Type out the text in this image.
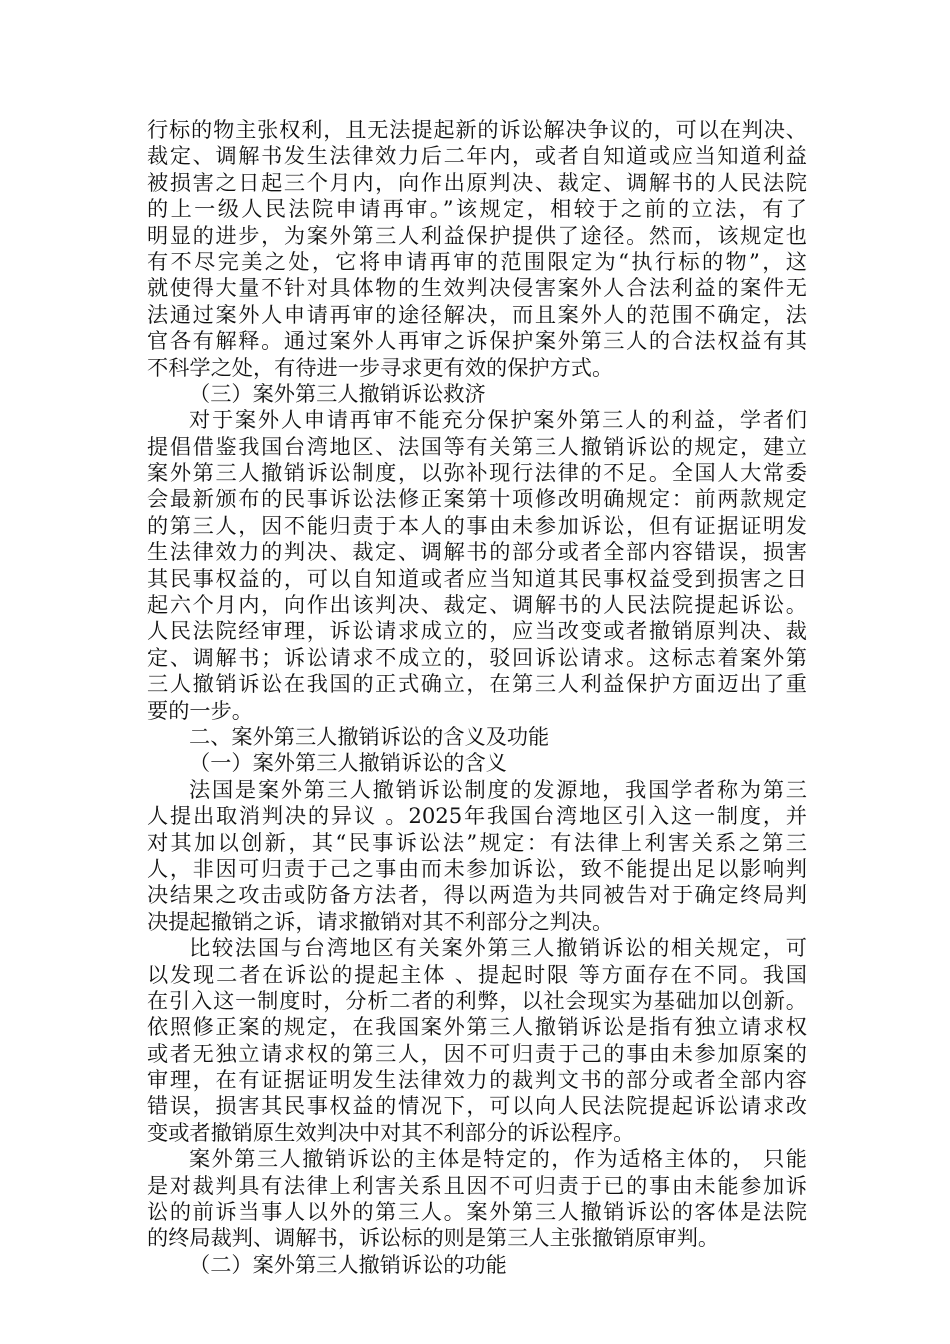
行标的物主张权利，且无法提起新的诉讼解决争议的，可以在判决、
裁定、调解书发生法律效力后二年内，或者自知道或应当知道利益
被损害之日起三个月内，向作出原判决、裁定、调解书的人民法院
的上一级人民法院申请再审。”该规定，相较于之前的立法，有了
明显的进步，为案外第三人利益保护提供了途径。然而，该规定也
有不尽完美之处，它将申请再审的范围限定为“执行标的物”，这
就使得大量不针对具体物的生效判决侵害案外人合法利益的案件无
法通过案外人申请再审的途径解决，而且案外人的范围不确定，法
官各有解释。通过案外人再审之诉保护案外第三人的合法权益有其
不科学之处，有待进一步寻求更有效的保护方式。
（三）案外第三人撤销诉讼救济
对于案外人申请再审不能充分保护案外第三人的利益，学者们
提倡借鉴我国台湾地区、法国等有关第三人撤销诉讼的规定，建立
案外第三人撤销诉讼制度，以弥补现行法律的不足。全国人大常委
会最新颁布的民事诉讼法修正案第十项修改明确规定：前两款规定
的第三人，因不能归责于本人的事由未参加诉讼，但有证据证明发
生法律效力的判决、裁定、调解书的部分或者全部内容错误，损害
其民事权益的，可以自知道或者应当知道其民事权益受到损害之日
起六个月内，向作出该判决、裁定、调解书的人民法院提起诉讼。
人民法院经审理，诉讼请求成立的，应当改变或者撤销原判决、裁
定、调解书；诉讼请求不成立的，驳回诉讼请求。这标志着案外第
三人撤销诉讼在我国的正式确立，在第三人利益保护方面迈出了重
要的一步。
二、案外第三人撤销诉讼的含义及功能
（一）案外第三人撤销诉讼的含义
法国是案外第三人撤销诉讼制度的发源地，我国学者称为第三
人提出取消判决的异议 。2025年我国台湾地区引入这一制度，并
对其加以创新，其“民事诉讼法”规定：有法律上利害关系之第三
人，非因可归责于己之事由而未参加诉讼，致不能提出足以影响判
决结果之攻击或防备方法者，得以两造为共同被告对于确定终局判
决提起撤销之诉，请求撤销对其不利部分之判决。
比较法国与台湾地区有关案外第三人撤销诉讼的相关规定，可
以发现二者在诉讼的提起主体 、提起时限 等方面存在不同。我国
在引入这一制度时，分析二者的利弊，以社会现实为基础加以创新。
依照修正案的规定，在我国案外第三人撤销诉讼是指有独立请求权
或者无独立请求权的第三人，因不可归责于己的事由未参加原案的
审理，在有证据证明发生法律效力的裁判文书的部分或者全部内容
错误，损害其民事权益的情况下，可以向人民法院提起诉讼请求改
变或者撤销原生效判决中对其不利部分的诉讼程序。
案外第三人撤销诉讼的主体是特定的，作为适格主体的， 只能
是对裁判具有法律上利害关系且因不可归责于已的事由未能参加诉
讼的前诉当事人以外的第三人。案外第三人撤销诉讼的客体是法院
的终局裁判、调解书，诉讼标的则是第三人主张撤销原审判。
（二）案外第三人撤销诉讼的功能
